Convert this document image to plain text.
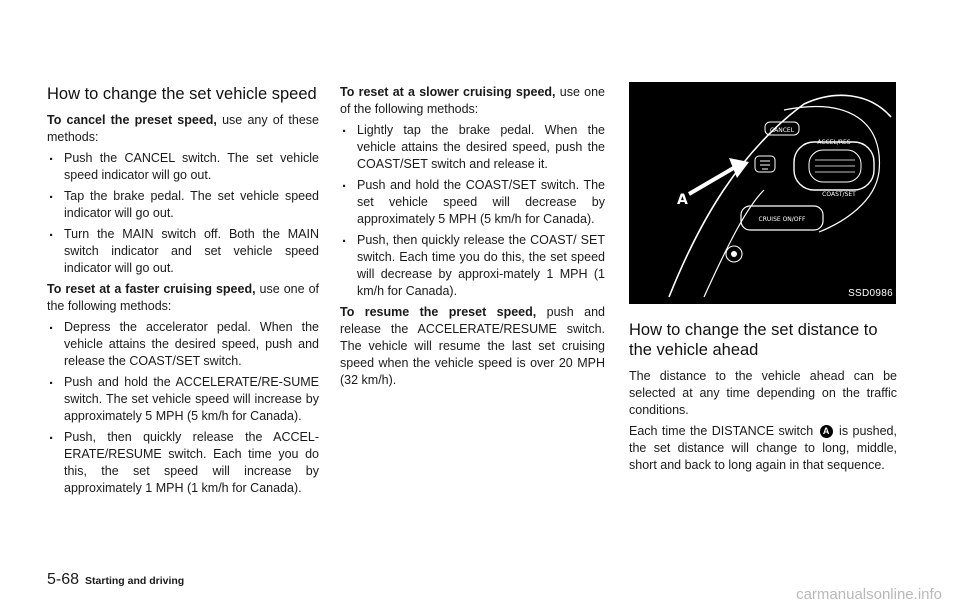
How to change the set vehicle speed

To cancel the preset speed, use any of these methods:

. Push the CANCEL switch. The set vehicle speed indicator will go out.
. Tap the brake pedal. The set vehicle speed indicator will go out.
. Turn the MAIN switch off. Both the MAIN switch indicator and set vehicle speed indicator will go out.

To reset at a faster cruising speed, use one of the following methods:

. Depress the accelerator pedal. When the vehicle attains the desired speed, push and release the COAST/SET switch.
. Push and hold the ACCELERATE/RE-SUME switch. The set vehicle speed will increase by approximately 5 MPH (5 km/h for Canada).
. Push, then quickly release the ACCEL-ERATE/RESUME switch. Each time you do this, the set speed will increase by approximately 1 MPH (1 km/h for Canada).

To reset at a slower cruising speed, use one of the following methods:

. Lightly tap the brake pedal. When the vehicle attains the desired speed, push the COAST/SET switch and release it.
. Push and hold the COAST/SET switch. The set vehicle speed will decrease by approximately 5 MPH (5 km/h for Canada).
. Push, then quickly release the COAST/ SET switch. Each time you do this, the set speed will decrease by approxi-mately 1 MPH (1 km/h for Canada).

To resume the preset speed, push and release the ACCELERATE/RESUME switch. The vehicle will resume the last set cruising speed when the vehicle speed is over 20 MPH (32 km/h).

CANCEL
ACCEL/RES
COAST/SET
CRUISE ON/OFF
A
SSD0986
How to change the set distance to the vehicle ahead

The distance to the vehicle ahead can be selected at any time depending on the traffic conditions.

Each time the DISTANCE switch A is pushed, the set distance will change to long, middle, short and back to long again in that sequence.

5-68 Starting and driving
carmanualsonline.info
